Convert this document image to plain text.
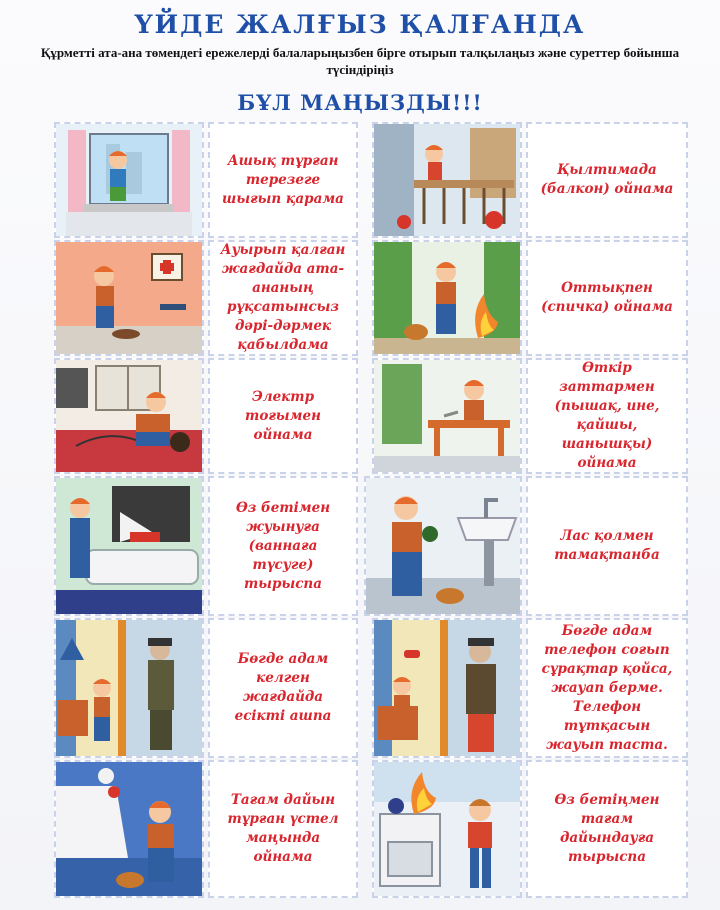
ҮЙДЕ ЖАЛҒЫЗ ҚАЛҒАНДА
Құрметті ата-ана төмендегі ережелерді балаларыңызбен бірге отырып талқылаңыз және суреттер бойынша түсіндіріңіз
БҰЛ МАҢЫЗДЫ!!!
Ашық тұрған терезеге шығып қарама
Қылтимада (балкон) ойнама
Ауырып қалған жағдайда ата-ананың рұқсатынсыз дәрі-дәрмек қабылдама
Оттықпен (спичка) ойнама
Электр тоғымен ойнама
Өткір заттармен (пышақ, ине, қайшы, шанышқы) ойнама
Өз бетімен жуынуға (ваннаға түсуге) тырыспа
Лас қолмен тамақтанба
Бөгде адам келген жағдайда есікті ашпа
Бөгде адам телефон соғып сұрақтар қойса, жауап берме. Телефон тұтқасын жауып таста.
Тағам дайын тұрған үстел маңында ойнама
Өз бетіңмен тағам дайындауға тырыспа
